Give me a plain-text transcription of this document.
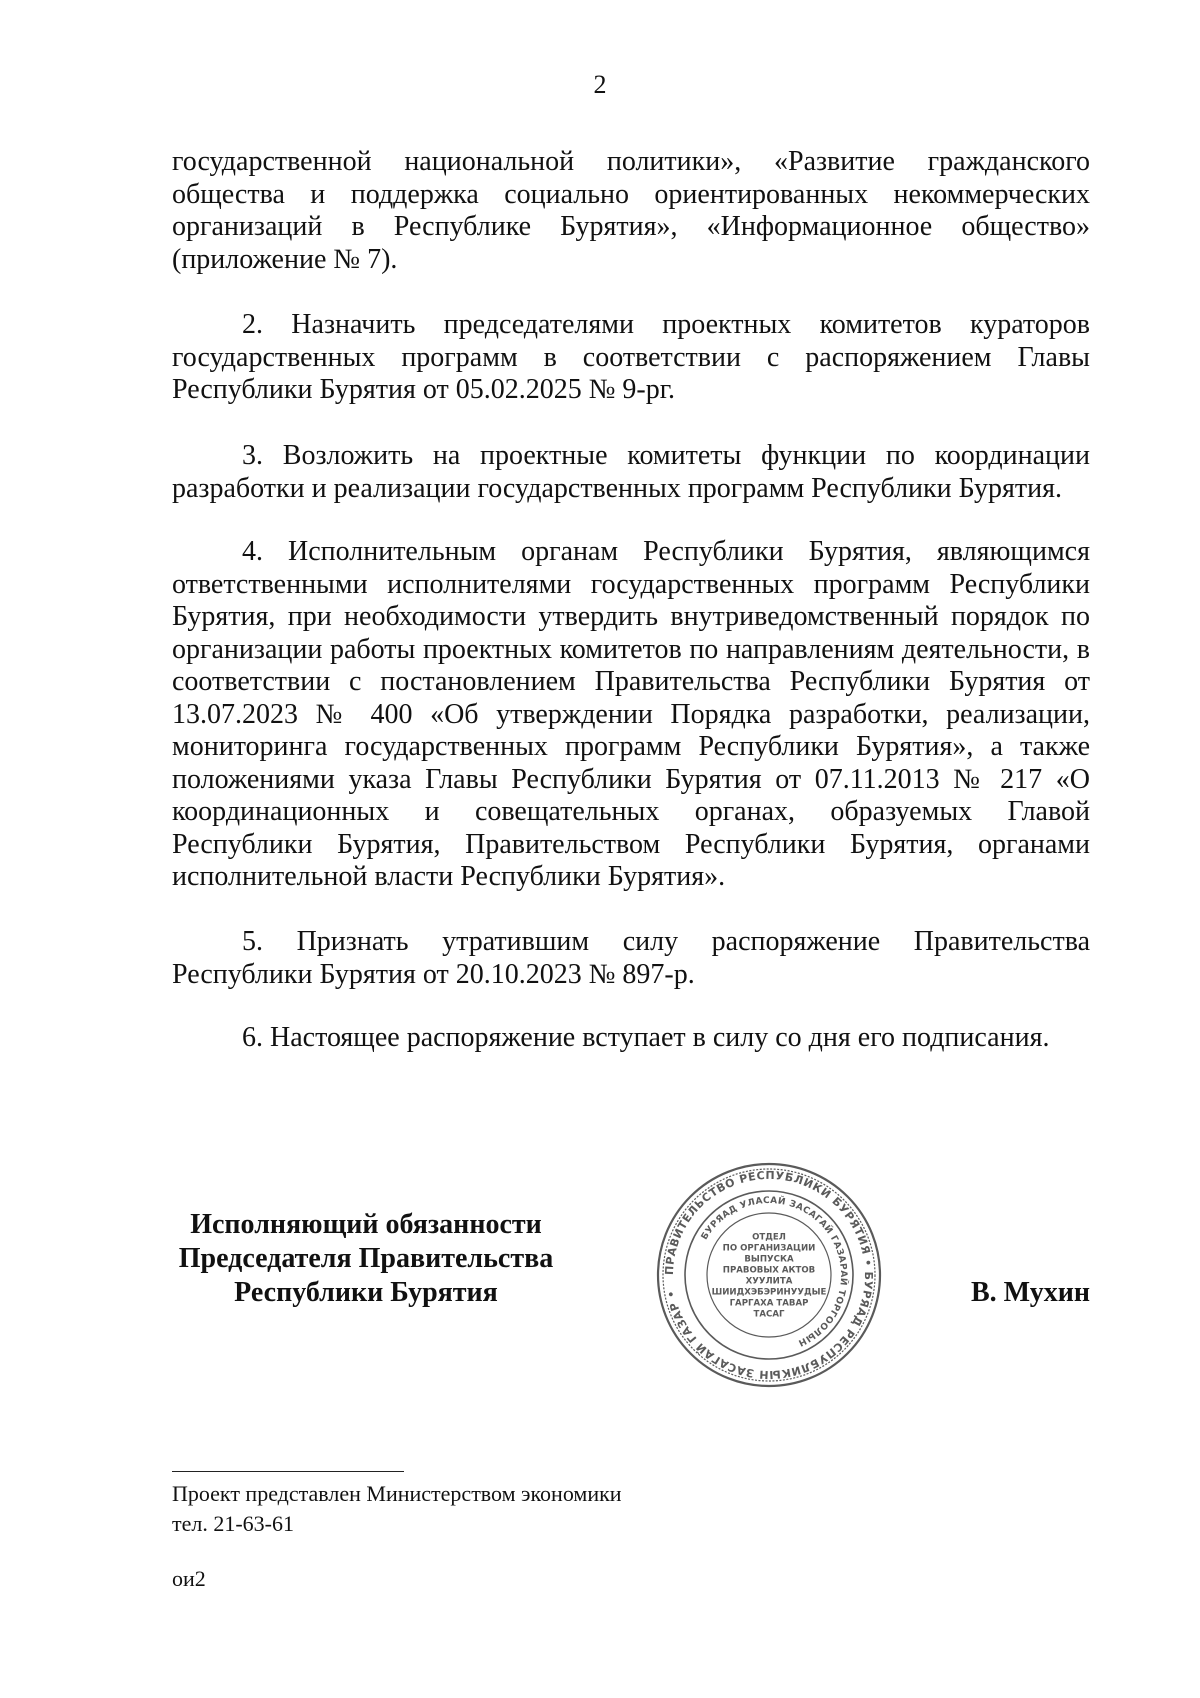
2

государственной национальной политики», «Развитие гражданского общества и поддержка социально ориентированных некоммерческих организаций в Республике Бурятия», «Информационное общество» (приложение № 7).

2. Назначить председателями проектных комитетов кураторов государственных программ в соответствии с распоряжением Главы Республики Бурятия от 05.02.2025 № 9-рг.

3. Возложить на проектные комитеты функции по координации разработки и реализации государственных программ Республики Бурятия.

4. Исполнительным органам Республики Бурятия, являющимся ответственными исполнителями государственных программ Республики Бурятия, при необходимости утвердить внутриведомственный порядок по организации работы проектных комитетов по направлениям деятельности, в соответствии с постановлением Правительства Республики Бурятия от 13.07.2023 № 400 «Об утверждении Порядка разработки, реализации, мониторинга государственных программ Республики Бурятия», а также положениями указа Главы Республики Бурятия от 07.11.2013 № 217 «О координационных и совещательных органах, образуемых Главой Республики Бурятия, Правительством Республики Бурятия, органами исполнительной власти Республики Бурятия».

5. Признать утратившим силу распоряжение Правительства Республики Бурятия от 20.10.2023 № 897-р.

6. Настоящее распоряжение вступает в силу со дня его подписания.

Исполняющий обязанности
Председателя Правительства
Республики Бурятия
ПРАВИТЕЛЬСТВО РЕСПУБЛИКИ БУРЯТИЯ • БУРЯАД РЕСПУБЛИКЫН ЗАСАГАЙ ГАЗАР •
БУРЯАД УЛАСАЙ ЗАСАГАЙ ГАЗАРАЙ ТОРГООЛЫН
ОТДЕЛ
ПО ОРГАНИЗАЦИИ
ВЫПУСКА
ПРАВОВЫХ АКТОВ
ХУУЛИТА
ШИИДХЭБЭРИНУУДЫЕ
ГАРГАХА ТАВАР
ТАСАГ
В. Мухин
Проект представлен Министерством экономики
тел. 21-63-61
ои2
